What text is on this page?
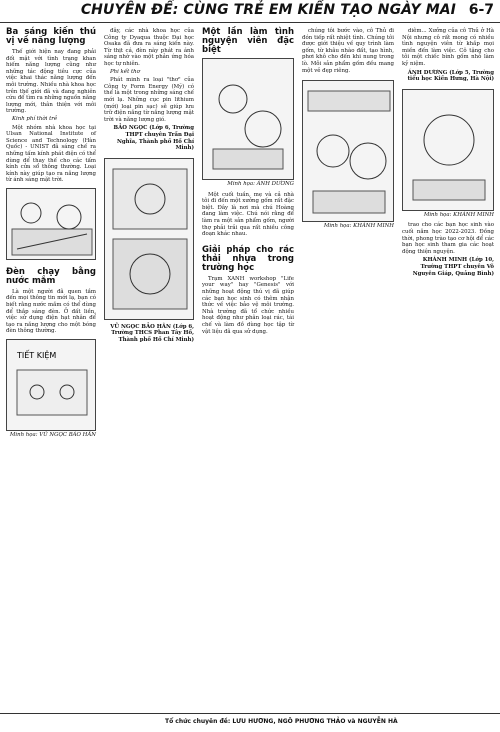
CHUYÊN ĐỀ: CÙNG TRẺ EM KIẾN TẠO NGÀY MAI 6-7
Ba sáng kiến thú vị về năng lượng

Thế giới hiện nay đang phải đối mặt với tình trạng khan hiếm năng lượng cũng như những tác động tiêu cực của việc khai thác năng lượng đến môi trường. Nhiều nhà khoa học trên thế giới đã và đang nghiên cứu để tìm ra những nguồn năng lượng mới, thân thiện với môi trường.

Kinh phí thời trẻ

Một nhóm nhà khoa học tại Ulsan National Institute of Science and Technology (Hàn Quốc) - UNIST đã sáng chế ra những tấm kính phát điện có thể dùng để thay thế cho các tấm kính cửa sổ thông thường. Loại kính này giúp tạo ra năng lượng từ ánh sáng mặt trời.

Đèn chạy bằng nước mắm

Là một người đã quen tầm đến mọi thông tin mới lạ, bạn có biết rằng nước mắm có thể dùng để thắp sáng đèn. Ở đất liền, việc sử dụng điện hạt nhân để tạo ra năng lượng cho một bóng đèn thông thường.

TIẾT KIỆM
Minh họa: VŨ NGỌC BẢO HÂN

đây, các nhà khoa học của Công ty Dyaqua thuộc Đại học Osaka đã đưa ra sáng kiến này. Từ thịt cá, đèn này phát ra ánh sáng nhờ vào một phản ứng hóa học tự nhiên.

Phi kết thơ

Phát minh ra loại "thơ" của Công ty Form Energy (Mỹ) có thể là một trong những sáng chế mới lạ. Những cục pin lithium (mới) loại pin sạc) sẽ giúp lưu trữ điện năng từ năng lượng mặt trời và năng lượng gió.

BẢO NGỌC (Lớp 6, Trường THPT chuyên Trần Đại Nghĩa, Thành phố Hồ Chí Minh)
VŨ NGỌC BẢO HÂN (Lớp 6, Trường THCS Phan Tây Hồ, Thành phố Hồ Chí Minh)
Một lần làm tình nguyện viên đặc biệt
Minh họa: ÁNH DƯƠNG

Một cuối tuần, mẹ và cả nhà tôi đi đến một xưởng gốm rất đặc biệt. Đây là nơi mà chú Hoàng đang làm việc. Chú nói rằng để làm ra một sản phẩm gốm, người thợ phải trải qua rất nhiều công đoạn khác nhau.

Giải pháp cho rác thải nhựa trong trường học

Trạm XANH workshop "Life your way" hay "Genesis" với những hoạt động thú vị đã giúp các bạn học sinh có thêm nhận thức về việc bảo vệ môi trường. Nhà trường đã tổ chức nhiều hoạt động như phân loại rác, tái chế và làm đồ dùng học tập từ vật liệu đã qua sử dụng.

chúng tôi bước vào, cô Thủ đi đón tiếp rất nhiệt tình. Chúng tôi được giới thiệu về quy trình làm gốm, từ khâu nhào đất, tạo hình, phơi khô cho đến khi nung trong lò. Mỗi sản phẩm gốm đều mang một vẻ đẹp riêng.

Minh họa: KHÁNH MINH

diêm... Xưởng của cô Thủ ở Hà Nội nhưng cô rất mong có nhiều tình nguyện viên từ khắp mọi miền đến làm việc. Cô tặng cho tôi một chiếc bình gốm nhỏ làm kỷ niệm.

ÁNH DƯƠNG (Lớp 5, Trường tiểu học Kiến Hưng, Hà Nội)
Minh họa: KHÁNH MINH

trao cho các bạn học sinh vào cuối năm học 2022-2023. Đồng thời, phong trào tạo cơ hội để các bạn học sinh tham gia các hoạt động thiện nguyện.

KHÁNH MINH (Lớp 10, Trường THPT chuyên Võ Nguyên Giáp, Quảng Bình)
Tổ chức chuyên đề: LƯU HƯƠNG, NGÔ PHƯƠNG THẢO và NGUYỄN HÀ
